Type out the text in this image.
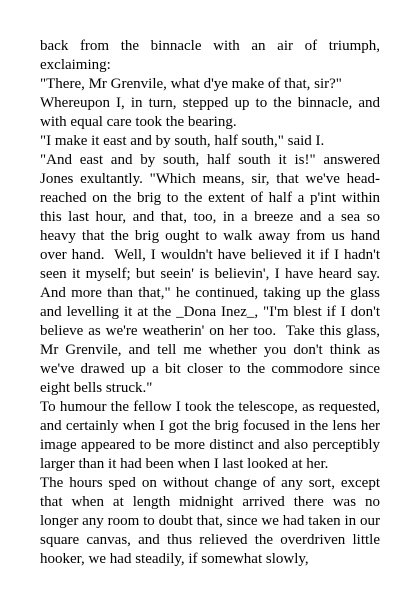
back from the binnacle with an air of triumph, exclaiming:

"There, Mr Grenvile, what d'ye make of that, sir?"

Whereupon I, in turn, stepped up to the binnacle, and with equal care took the bearing.

"I make it east and by south, half south," said I.

"And east and by south, half south it is!" answered Jones exultantly. "Which means, sir, that we've head-reached on the brig to the extent of half a p'int within this last hour, and that, too, in a breeze and a sea so heavy that the brig ought to walk away from us hand over hand.  Well, I wouldn't have believed it if I hadn't seen it myself; but seein' is believin', I have heard say. And more than that," he continued, taking up the glass and levelling it at the _Dona Inez_, "I'm blest if I don't believe as we're weatherin' on her too.  Take this glass, Mr Grenvile, and tell me whether you don't think as we've drawed up a bit closer to the commodore since eight bells struck."

To humour the fellow I took the telescope, as requested, and certainly when I got the brig focused in the lens her image appeared to be more distinct and also perceptibly larger than it had been when I last looked at her.

The hours sped on without change of any sort, except that when at length midnight arrived there was no longer any room to doubt that, since we had taken in our square canvas, and thus relieved the overdriven little hooker, we had steadily, if somewhat slowly,
